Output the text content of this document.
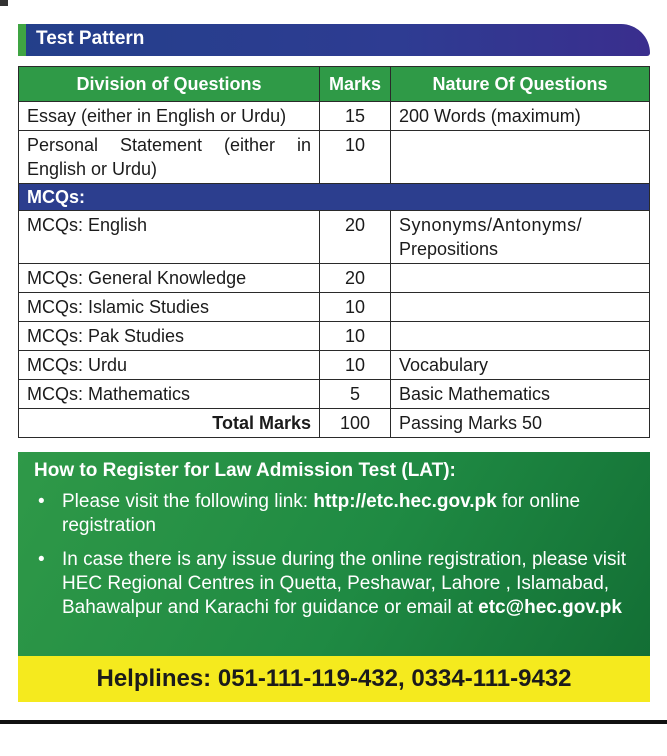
Test Pattern
Division of Questions	Marks	Nature Of Questions
Essay (either in English or Urdu)	15	200 Words (maximum)

Personal Statement (either in
English or Urdu)	10	
MCQs:		
MCQs: English	20	Synonyms/Antonyms/
Prepositions

MCQs: General Knowledge	20	
MCQs: Islamic Studies	10	
MCQs: Pak Studies	10	
MCQs: Urdu	10	Vocabulary
MCQs: Mathematics	5	Basic Mathematics
Total Marks	100	Passing Marks 50
How to Register for Law Admission Test (LAT):
• Please visit the following link: http://etc.hec.gov.pk for online registration
• In case there is any issue during the online registration, please visit HEC Regional Centres in Quetta, Peshawar, Lahore , Islamabad, Bahawalpur and Karachi for guidance or email at etc@hec.gov.pk
Helplines: 051-111-119-432, 0334-111-9432
